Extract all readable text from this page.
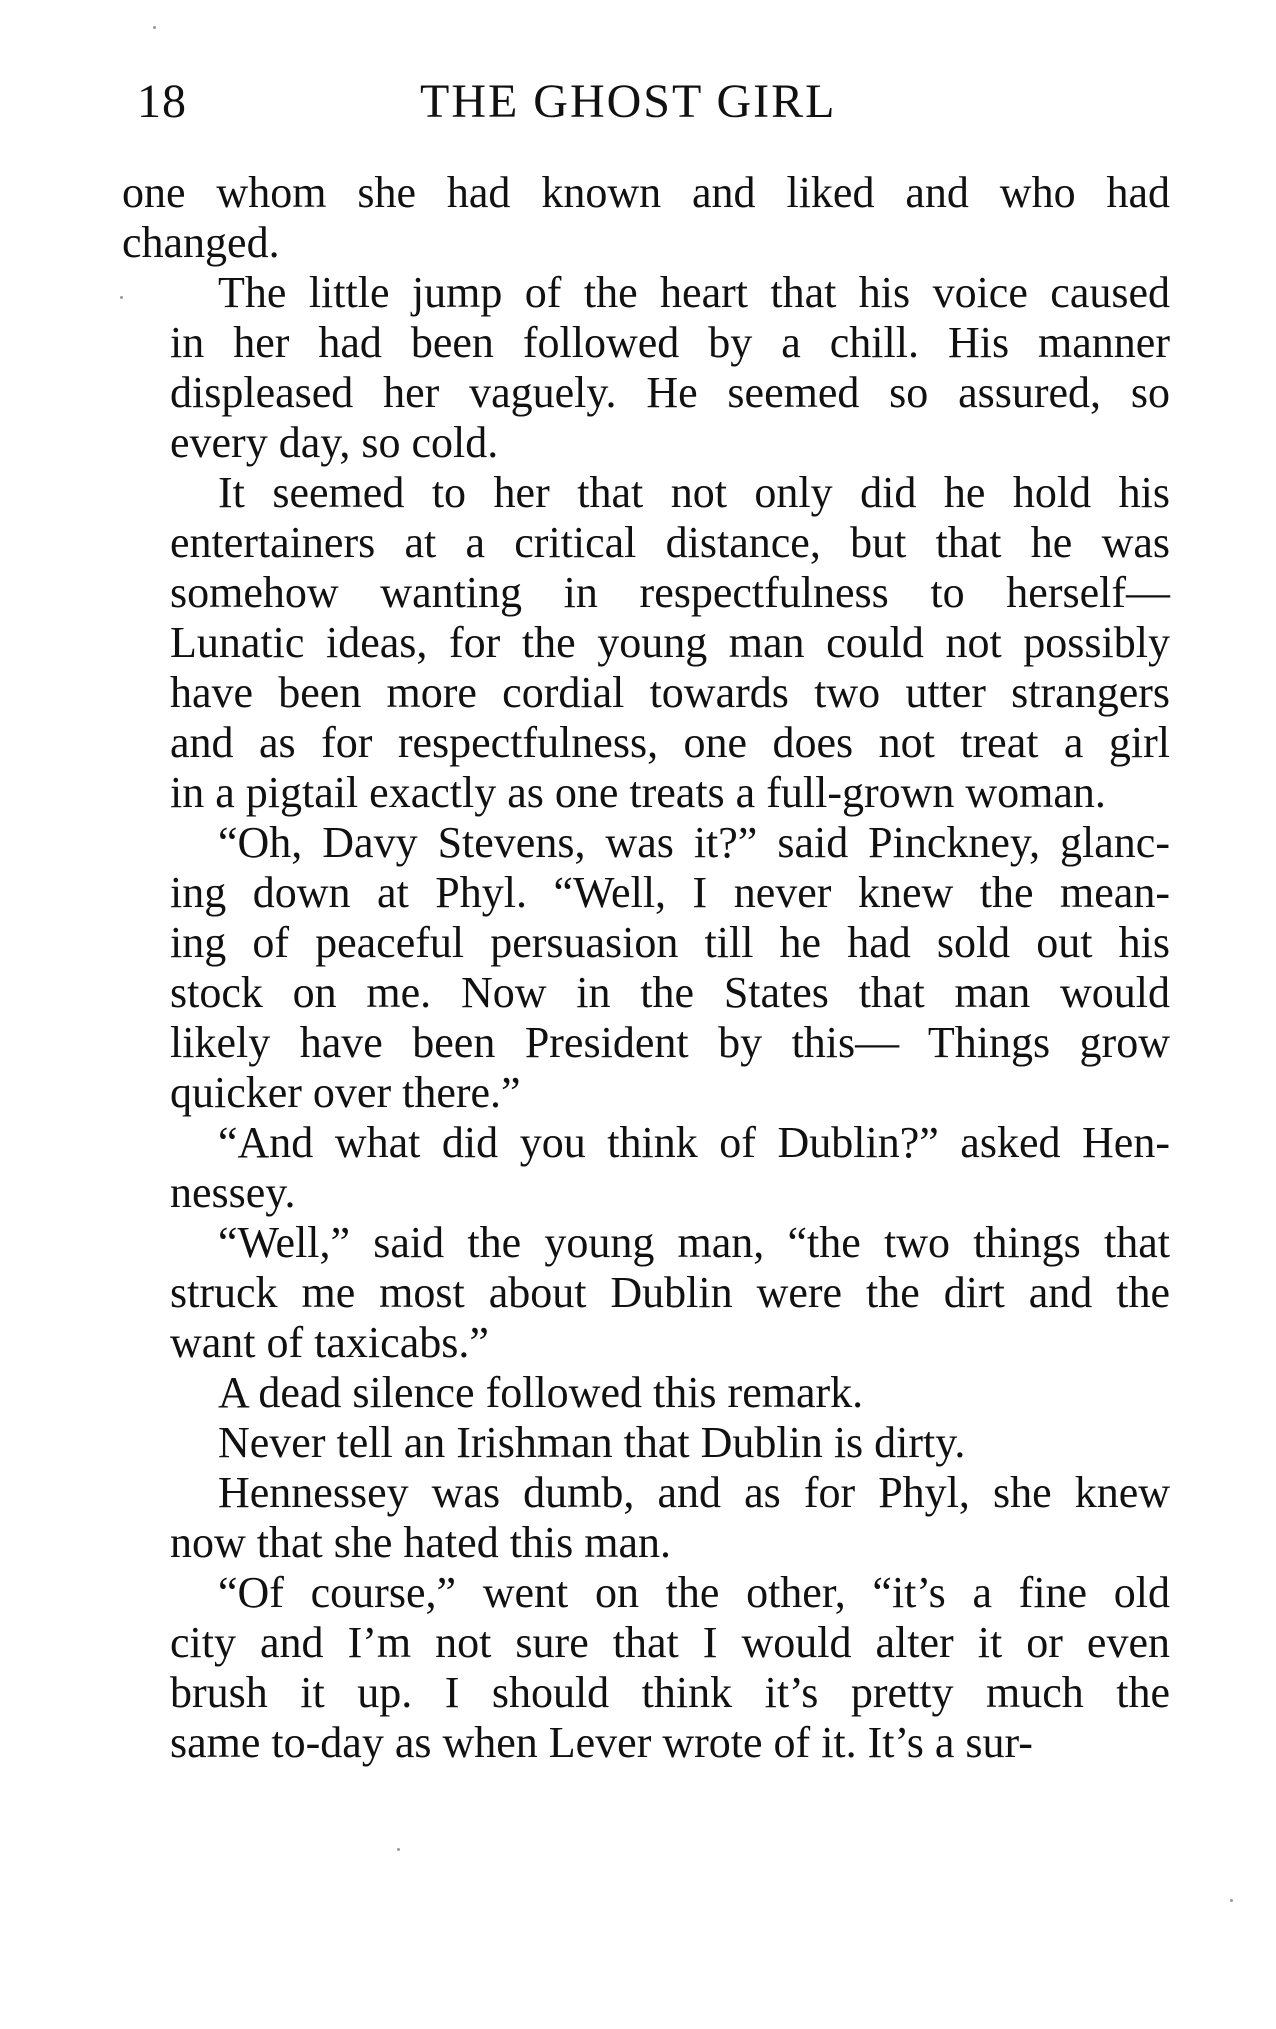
18	THE GHOST GIRL
one whom she had known and liked and who had
changed.
The little jump of the heart that his voice caused
in her had been followed by a chill. His manner
displeased her vaguely. He seemed so assured, so
every day, so cold.
It seemed to her that not only did he hold his
entertainers at a critical distance, but that he was
somehow wanting in respectfulness to herself—
Lunatic ideas, for the young man could not possibly
have been more cordial towards two utter strangers
and as for respectfulness, one does not treat a girl
in a pigtail exactly as one treats a full-grown woman.
“Oh, Davy Stevens, was it?” said Pinckney, glanc-
ing down at Phyl. “Well, I never knew the mean-
ing of peaceful persuasion till he had sold out his
stock on me. Now in the States that man would
likely have been President by this— Things grow
quicker over there.”
“And what did you think of Dublin?” asked Hen-
nessey.
“Well,” said the young man, “the two things that
struck me most about Dublin were the dirt and the
want of taxicabs.”
A dead silence followed this remark.
Never tell an Irishman that Dublin is dirty.
Hennessey was dumb, and as for Phyl, she knew
now that she hated this man.
“Of course,” went on the other, “it’s a fine old
city and I’m not sure that I would alter it or even
brush it up. I should think it’s pretty much the
same to-day as when Lever wrote of it. It’s a sur-
